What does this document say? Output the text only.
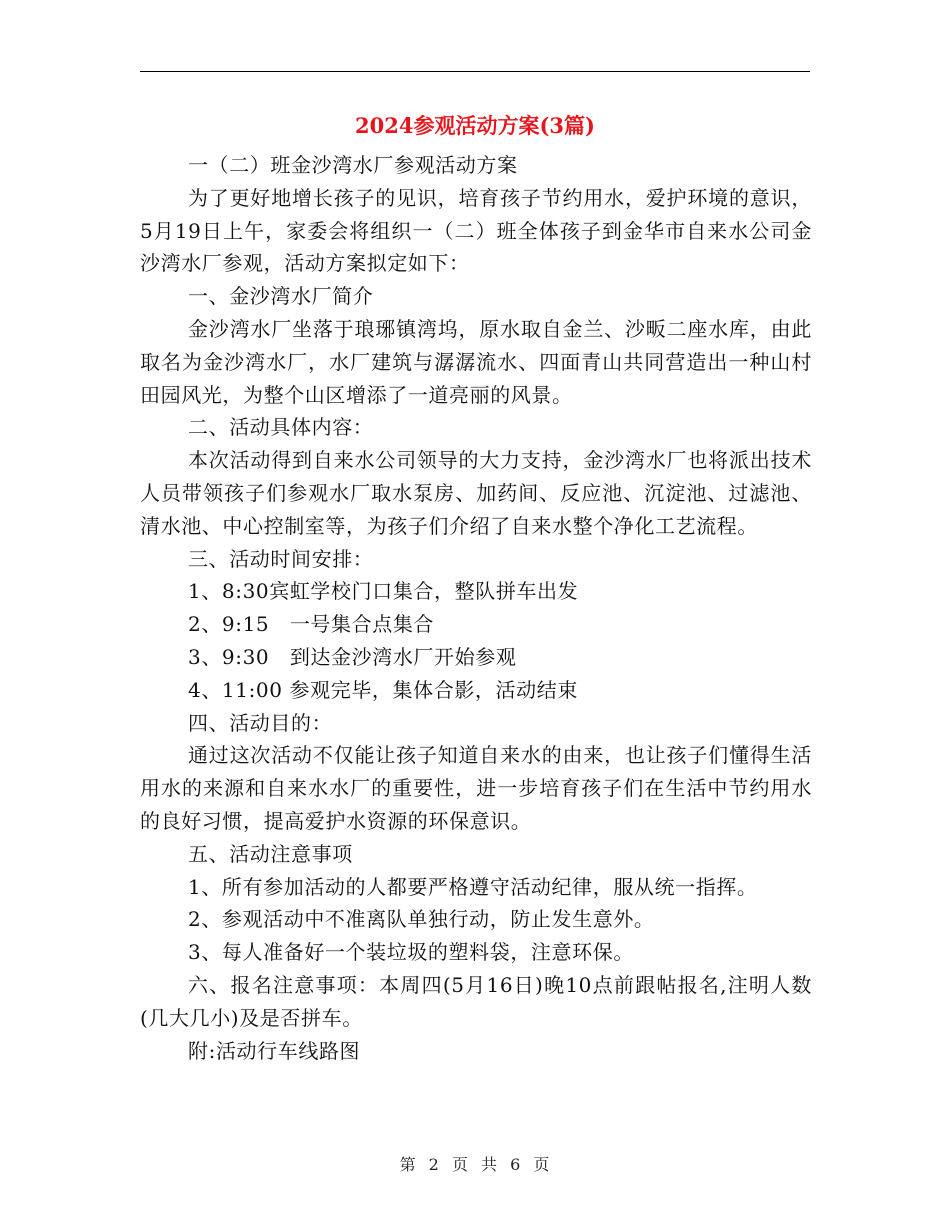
2024参观活动方案(3篇)

一（二）班金沙湾水厂参观活动方案

为了更好地增长孩子的见识，培育孩子节约用水，爱护环境的意识，5月19日上午，家委会将组织一（二）班全体孩子到金华市自来水公司金沙湾水厂参观，活动方案拟定如下：

一、金沙湾水厂简介

金沙湾水厂坐落于琅琊镇湾坞，原水取自金兰、沙畈二座水库，由此取名为金沙湾水厂，水厂建筑与潺潺流水、四面青山共同营造出一种山村田园风光，为整个山区增添了一道亮丽的风景。

二、活动具体内容：

本次活动得到自来水公司领导的大力支持，金沙湾水厂也将派出技术人员带领孩子们参观水厂取水泵房、加药间、反应池、沉淀池、过滤池、清水池、中心控制室等，为孩子们介绍了自来水整个净化工艺流程。

三、活动时间安排：

1、8:30宾虹学校门口集合，整队拼车出发

2、9:15　一号集合点集合

3、9:30　到达金沙湾水厂开始参观

4、11:00 参观完毕，集体合影，活动结束

四、活动目的：

通过这次活动不仅能让孩子知道自来水的由来，也让孩子们懂得生活用水的来源和自来水水厂的重要性，进一步培育孩子们在生活中节约用水的良好习惯，提高爱护水资源的环保意识。

五、活动注意事项

1、所有参加活动的人都要严格遵守活动纪律，服从统一指挥。

2、参观活动中不准离队单独行动，防止发生意外。

3、每人准备好一个装垃圾的塑料袋，注意环保。

六、报名注意事项：本周四(5月16日)晚10点前跟帖报名,注明人数(几大几小)及是否拼车。

附:活动行车线路图

第 2 页 共 6 页
